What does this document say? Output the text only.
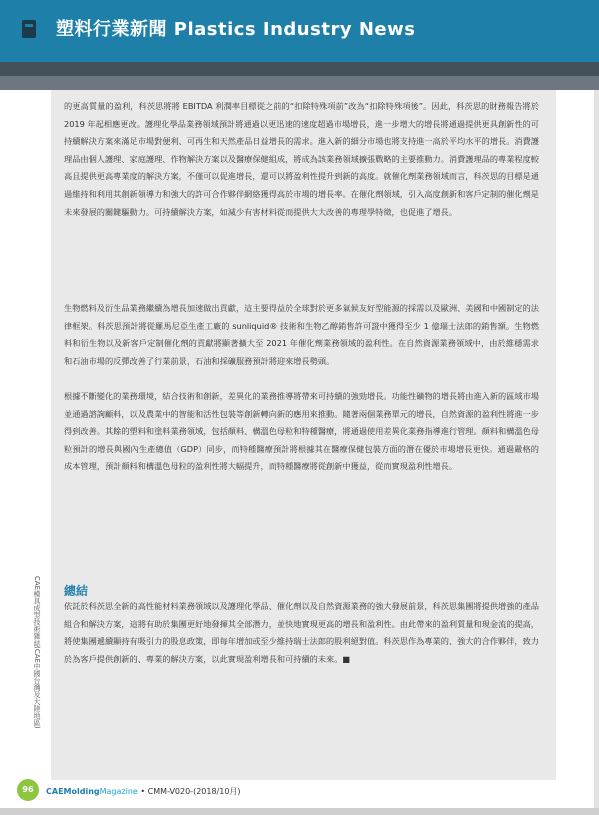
塑料行業新聞 Plastics Industry News
CAE模具成型技術雜誌(CAE中國台灣及大陸地區)

的更高質量的盈利，科茨思將將 EBITDA 利潤率目標從之前的“扣除特殊項前”改為“扣除特殊項後”。因此，科茨思的財務報告將於 2019 年起相應更改。護理化學品業務領域預計將通過以更迅速的速度超過市場增長，進一步增大的增長將通過提供更具創新性的可持續解決方案來滿足市場對便利、可再生和天然產品日益增長的需求。進入新的細分市場也將支持進一高於平均水平的增長。消費護理品由個人護理、家庭護理、作物解決方案以及醫療保健組成，將成為該業務領域擴張戰略的主要推動力。消費護理品的專業程度較高且提供更高專業度的解決方案，不僅可以促進增長，還可以將盈利性提升到新的高度。就催化劑業務領域而言，科茨思的目標是通過維持和利用其創新領導力和強大的許可合作夥伴網絡獲得高於市場的增長率。在催化劑領域，引入高度創新和客戶定制的催化劑是未來發展的關鍵驅動力。可持續解決方案，如減少有害材料從而提供大大改善的專理學特徵，也促進了增長。

生物燃料及衍生品業務繼續為增長加速做出貢獻，這主要得益於全球對於更多氣候友好型能源的採需以及歐洲、美國和中國制定的法律框架。科茨思預計將從羅馬尼亞生產工廠的 sunliquid® 技術和生物乙醇銷售許可證中獲得至少 1 億瑞士法郎的銷售額。生物燃料和衍生物以及新客戶定制催化劑的貢獻將顯著擴大至 2021 年催化劑業務領域的盈利性。在自然資源業務領域中，由於維穩需求和石油市場的反彈改善了行業前景，石油和採礦服務預計將迎來增長勢頭。

根據不斷變化的業務環境，結合技術和創新，差異化的業務推導將帶來可持續的強勁增長。功能性礦物的增長將由進入新的區域市場並通過諮詢顧料，以及農業中的智能和活性包裝等創新轉向新的應用來推動。隨著兩個業務單元的增長，自然資源的盈利性將進一步得到改善。其餘的塑料和塗料業務領域，包括顏料、構溫色母粒和特種醫療，將通過使用差異化業務指導進行管理。顏料和構溫色母粒預計的增長與國內生產總值（GDP）同步，而特種醫療預計將根據其在醫療保健包裝方面的潛在優於市場增長更快。通過嚴格的成本管理，預計顏料和構溫色母粒的盈利性將大幅提升，而特種醫療將從創新中獲益，從而實現盈利性增長。

總結

依託於科茨思全新的高性能材料業務領域以及護理化學品、催化劑以及自然資源業務的強大發展前景，科茨思集團將提供增強的產品組合和解決方案，這將有助於集團更好地發揮其全部潛力，並快地實現更高的增長和盈利性。由此帶來的盈利質量和現金流的提高，將使集團遞續顯持有吸引力的股息政策，即每年增加或至少維持瑞士法郎的股利絕對值。科茨思作為專業的、強大的合作夥伴，致力於為客戶提供創新的、專業的解決方案，以此實現盈利增長和可持續的未來。■

96	CAEMoldingMagazine • CMM-V020-(2018/10月)
